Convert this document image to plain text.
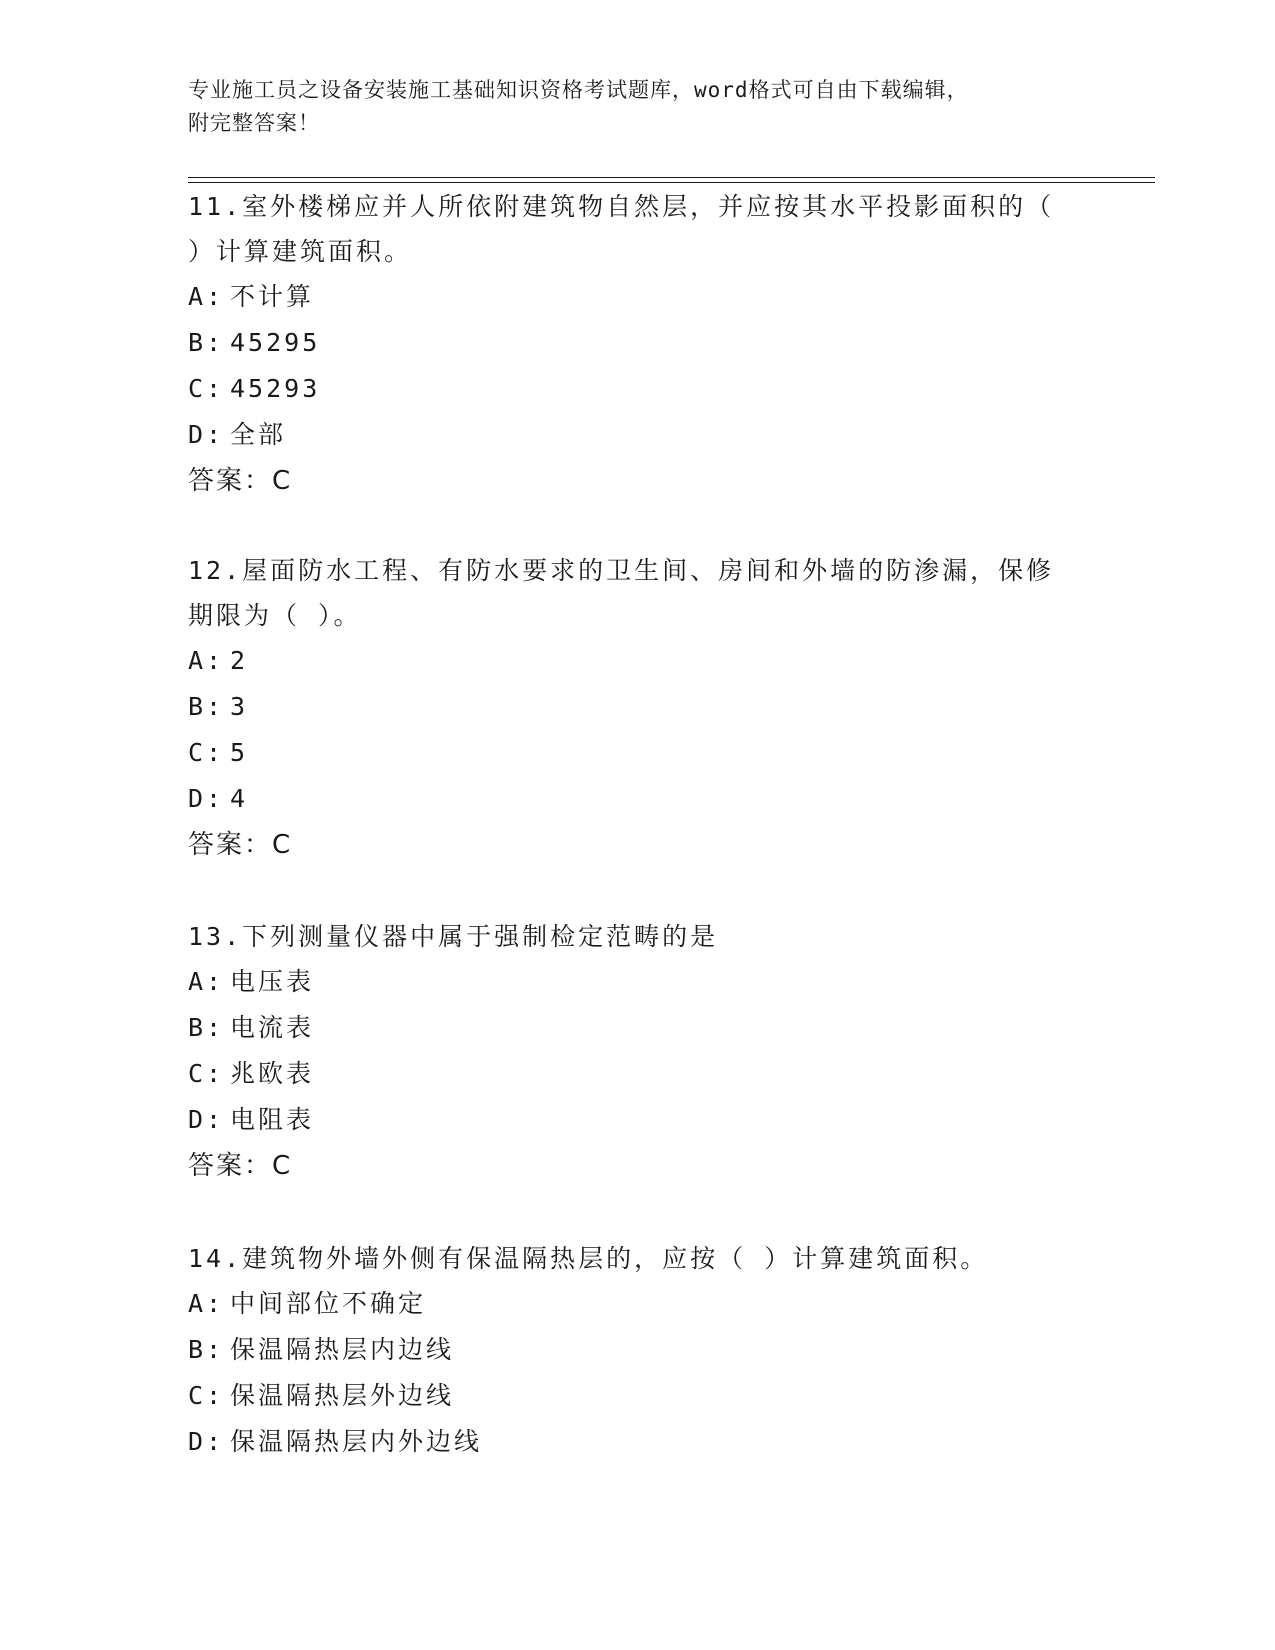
专业施工员之设备安装施工基础知识资格考试题库，word格式可自由下载编辑，
附完整答案！
11.室外楼梯应并人所依附建筑物自然层，并应按其水平投影面积的（
）计算建筑面积。
A: 不计算
B: 45295
C: 45293
D: 全部
答案：C
12.屋面防水工程、有防水要求的卫生间、房间和外墙的防渗漏，保修
期限为（ ）。
A: 2
B: 3
C: 5
D: 4
答案：C
13.下列测量仪器中属于强制检定范畴的是
A: 电压表
B: 电流表
C: 兆欧表
D: 电阻表
答案：C
14.建筑物外墙外侧有保温隔热层的，应按（ ）计算建筑面积。
A: 中间部位不确定
B: 保温隔热层内边线
C: 保温隔热层外边线
D: 保温隔热层内外边线
